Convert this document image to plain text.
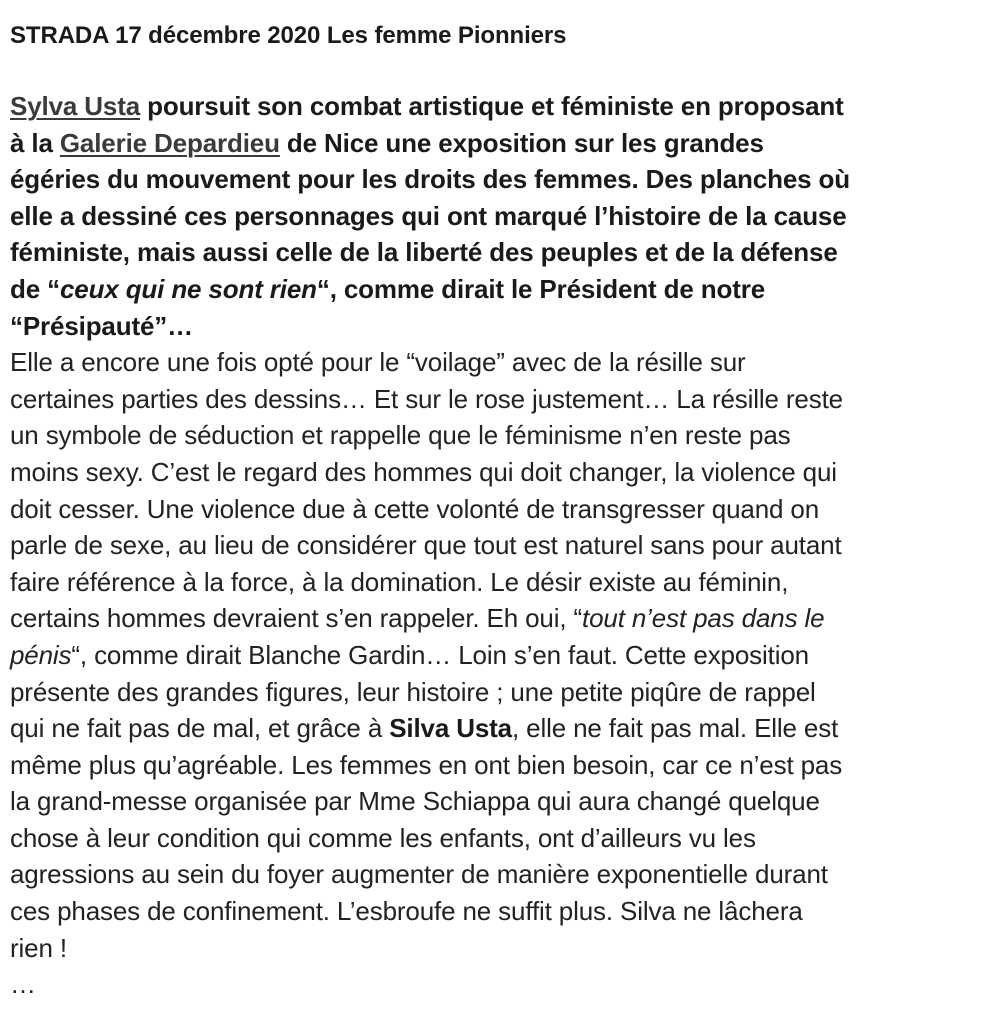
STRADA 17 décembre 2020 Les femme Pionniers
Sylva Usta poursuit son combat artistique et féministe en proposant
à la Galerie Depardieu de Nice une exposition sur les grandes
égéries du mouvement pour les droits des femmes. Des planches où
elle a dessiné ces personnages qui ont marqué l’histoire de la cause
féministe, mais aussi celle de la liberté des peuples et de la défense
de “ceux qui ne sont rien“, comme dirait le Président de notre
“Présipauté”…
Elle a encore une fois opté pour le “voilage” avec de la résille sur
certaines parties des dessins… Et sur le rose justement… La résille reste
un symbole de séduction et rappelle que le féminisme n’en reste pas
moins sexy. C’est le regard des hommes qui doit changer, la violence qui
doit cesser. Une violence due à cette volonté de transgresser quand on
parle de sexe, au lieu de considérer que tout est naturel sans pour autant
faire référence à la force, à la domination. Le désir existe au féminin,
certains hommes devraient s’en rappeler. Eh oui, “tout n’est pas dans le
pénis“, comme dirait Blanche Gardin… Loin s’en faut. Cette exposition
présente des grandes figures, leur histoire ; une petite piqûre de rappel
qui ne fait pas de mal, et grâce à Silva Usta, elle ne fait pas mal. Elle est
même plus qu’agréable. Les femmes en ont bien besoin, car ce n’est pas
la grand-messe organisée par Mme Schiappa qui aura changé quelque
chose à leur condition qui comme les enfants, ont d’ailleurs vu les
agressions au sein du foyer augmenter de manière exponentielle durant
ces phases de confinement. L’esbroufe ne suffit plus. Silva ne lâchera
rien !
…
